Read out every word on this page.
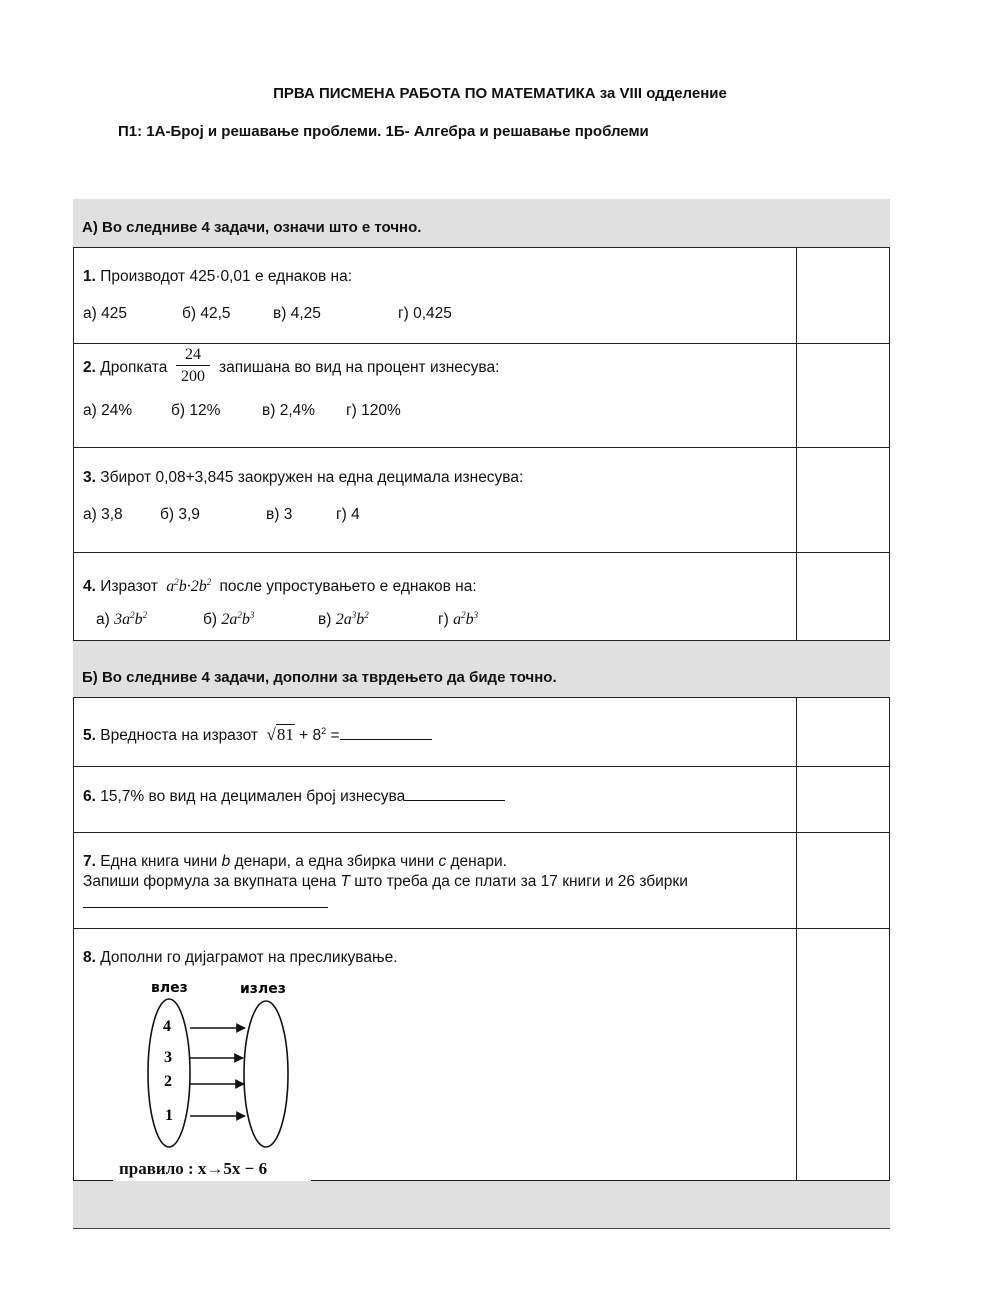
ПРВА ПИСМЕНА РАБОТА ПО МАТЕМАТИКА за VIII одделение
П1: 1А-Број и решавање проблеми. 1Б- Алгебра и решавање проблеми
А) Во следниве 4 задачи, означи што е точно.
1. Производот 425·0,01 е еднаков на:
а) 425	б) 42,5	в) 4,25	г) 0,425
2. Дропката $\frac{24}{200}$ запишана во вид на процент изнесува:
а) 24%	б) 12%	в) 2,4% г) 120%
3. Збирот 0,08+3,845 заокружен на една децимала изнесува:
а) 3,8 б) 3,9	в) 3	г) 4
4. Изразот  $a^2b\cdot 2b^2$ после упростувањето е еднаков на:
а) $3a^2b^2$	б) $2a^2b^3$	в) $2a^3b^2$	г) $a^2b^3$
Б) Во следниве 4 задачи, дополни за тврдењето да биде точно.
5. Вредноста на изразот  $√81 + 8^2$ =
6. 15,7% во вид на децимален број изнесува
7. Една книга чини b денари, а една збирка чини c денари.
Запиши формула за вкупната цена T што треба да се плати за 17 книги и 26 збирки
8. Дополни го дијаграмот на пресликување.
влез	излез
4
3
2
1
правило : x→5x − 6
